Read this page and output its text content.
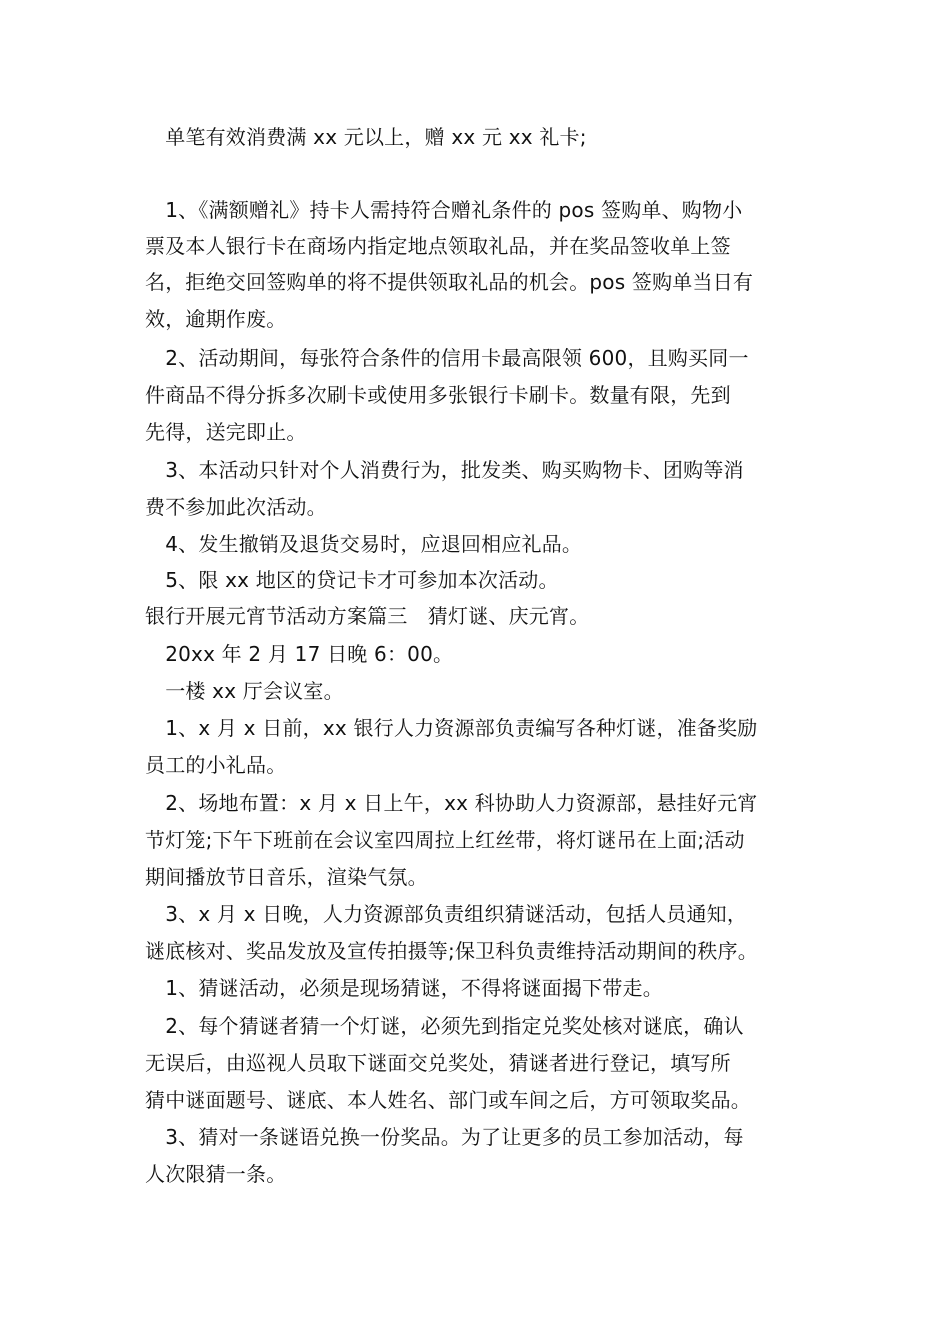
　单笔有效消费满 xx 元以上，赠 xx 元 xx 礼卡;
　1、《满额赠礼》持卡人需持符合赠礼条件的 pos 签购单、购物小
票及本人银行卡在商场内指定地点领取礼品，并在奖品签收单上签
名，拒绝交回签购单的将不提供领取礼品的机会。pos 签购单当日有
效，逾期作废。
　2、活动期间，每张符合条件的信用卡最高限领 600，且购买同一
件商品不得分拆多次刷卡或使用多张银行卡刷卡。数量有限，先到
先得，送完即止。
　3、本活动只针对个人消费行为，批发类、购买购物卡、团购等消
费不参加此次活动。
　4、发生撤销及退货交易时，应退回相应礼品。
　5、限 xx 地区的贷记卡才可参加本次活动。
银行开展元宵节活动方案篇三　猜灯谜、庆元宵。
　20xx 年 2 月 17 日晚 6：00。
　一楼 xx 厅会议室。
　1、x 月 x 日前，xx 银行人力资源部负责编写各种灯谜，准备奖励
员工的小礼品。
　2、场地布置：x 月 x 日上午，xx 科协助人力资源部，悬挂好元宵
节灯笼;下午下班前在会议室四周拉上红丝带，将灯谜吊在上面;活动
期间播放节日音乐，渲染气氛。
　3、x 月 x 日晚，人力资源部负责组织猜谜活动，包括人员通知，
谜底核对、奖品发放及宣传拍摄等;保卫科负责维持活动期间的秩序。
　1、猜谜活动，必须是现场猜谜，不得将谜面揭下带走。
　2、每个猜谜者猜一个灯谜，必须先到指定兑奖处核对谜底，确认
无误后，由巡视人员取下谜面交兑奖处，猜谜者进行登记，填写所
猜中谜面题号、谜底、本人姓名、部门或车间之后，方可领取奖品。
　3、猜对一条谜语兑换一份奖品。为了让更多的员工参加活动，每
人次限猜一条。
